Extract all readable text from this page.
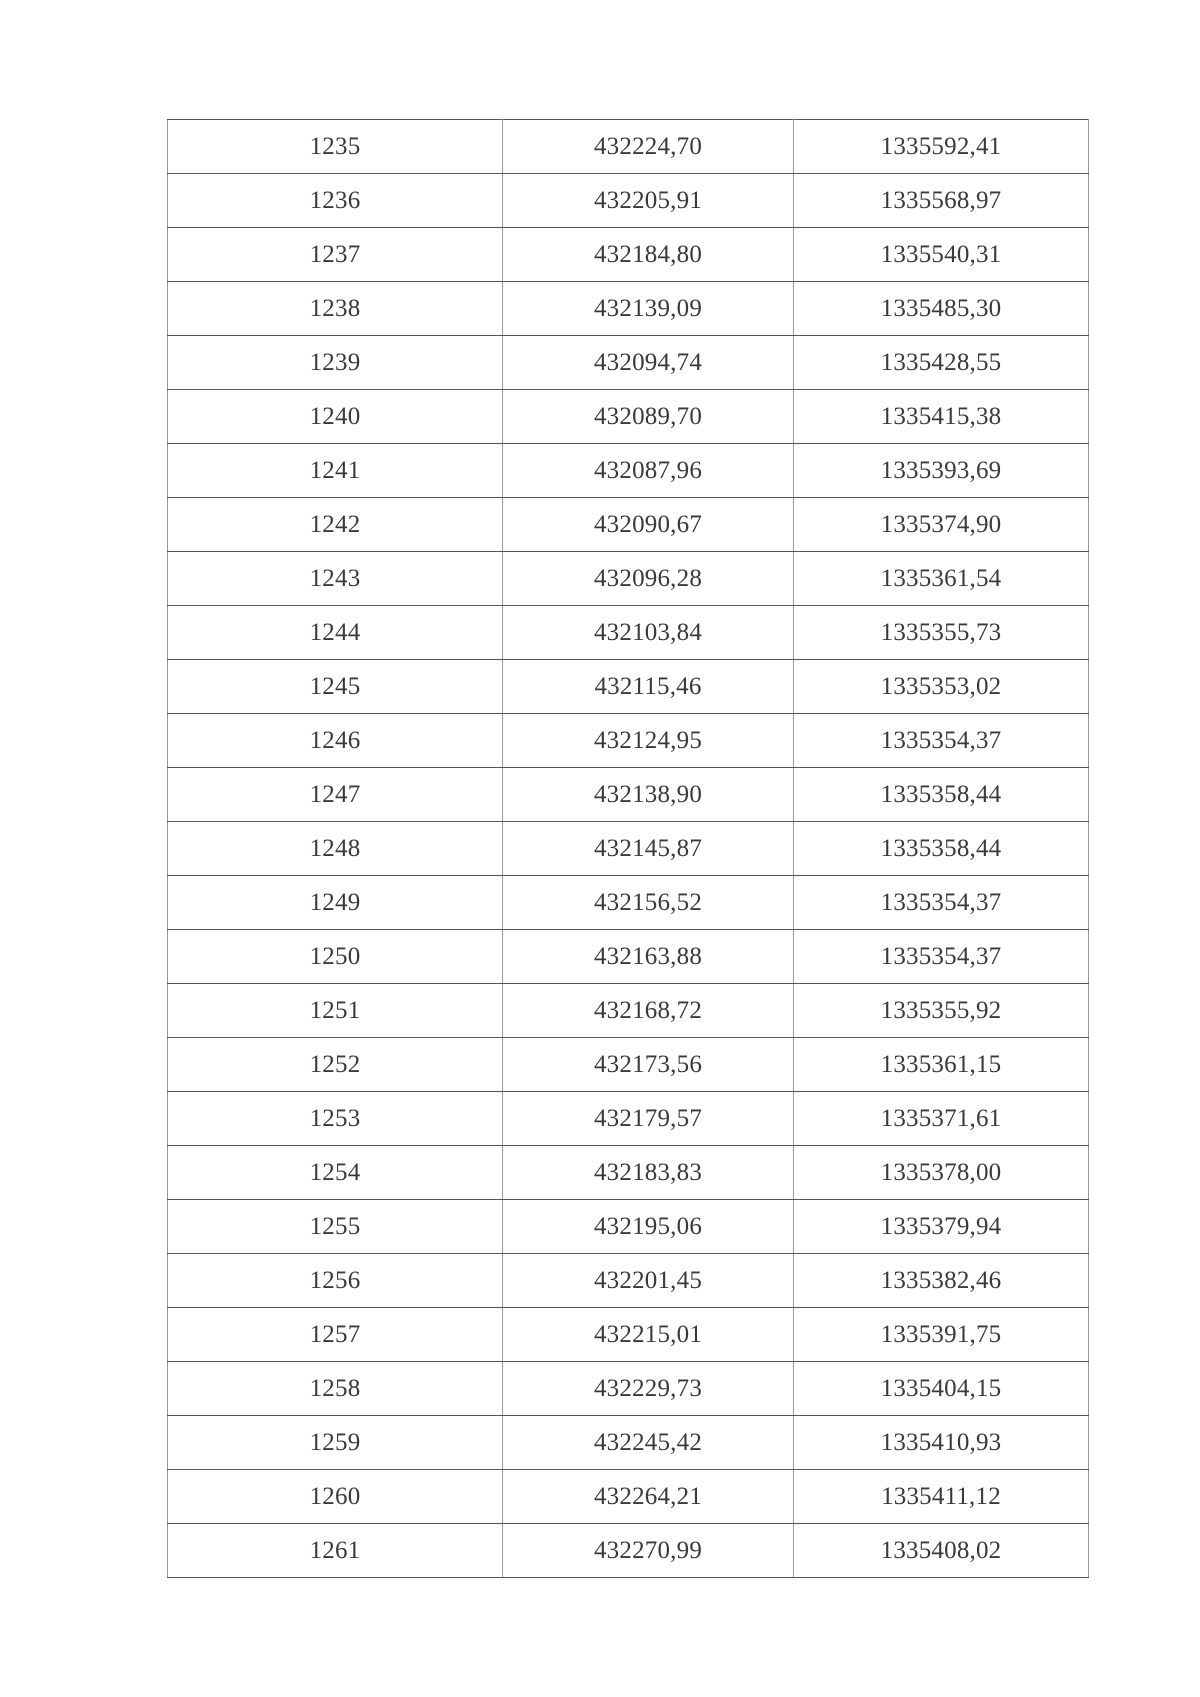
1235	432224,70	1335592,41
1236	432205,91	1335568,97
1237	432184,80	1335540,31
1238	432139,09	1335485,30
1239	432094,74	1335428,55
1240	432089,70	1335415,38
1241	432087,96	1335393,69
1242	432090,67	1335374,90
1243	432096,28	1335361,54
1244	432103,84	1335355,73
1245	432115,46	1335353,02
1246	432124,95	1335354,37
1247	432138,90	1335358,44
1248	432145,87	1335358,44
1249	432156,52	1335354,37
1250	432163,88	1335354,37
1251	432168,72	1335355,92
1252	432173,56	1335361,15
1253	432179,57	1335371,61
1254	432183,83	1335378,00
1255	432195,06	1335379,94
1256	432201,45	1335382,46
1257	432215,01	1335391,75
1258	432229,73	1335404,15
1259	432245,42	1335410,93
1260	432264,21	1335411,12
1261	432270,99	1335408,02
